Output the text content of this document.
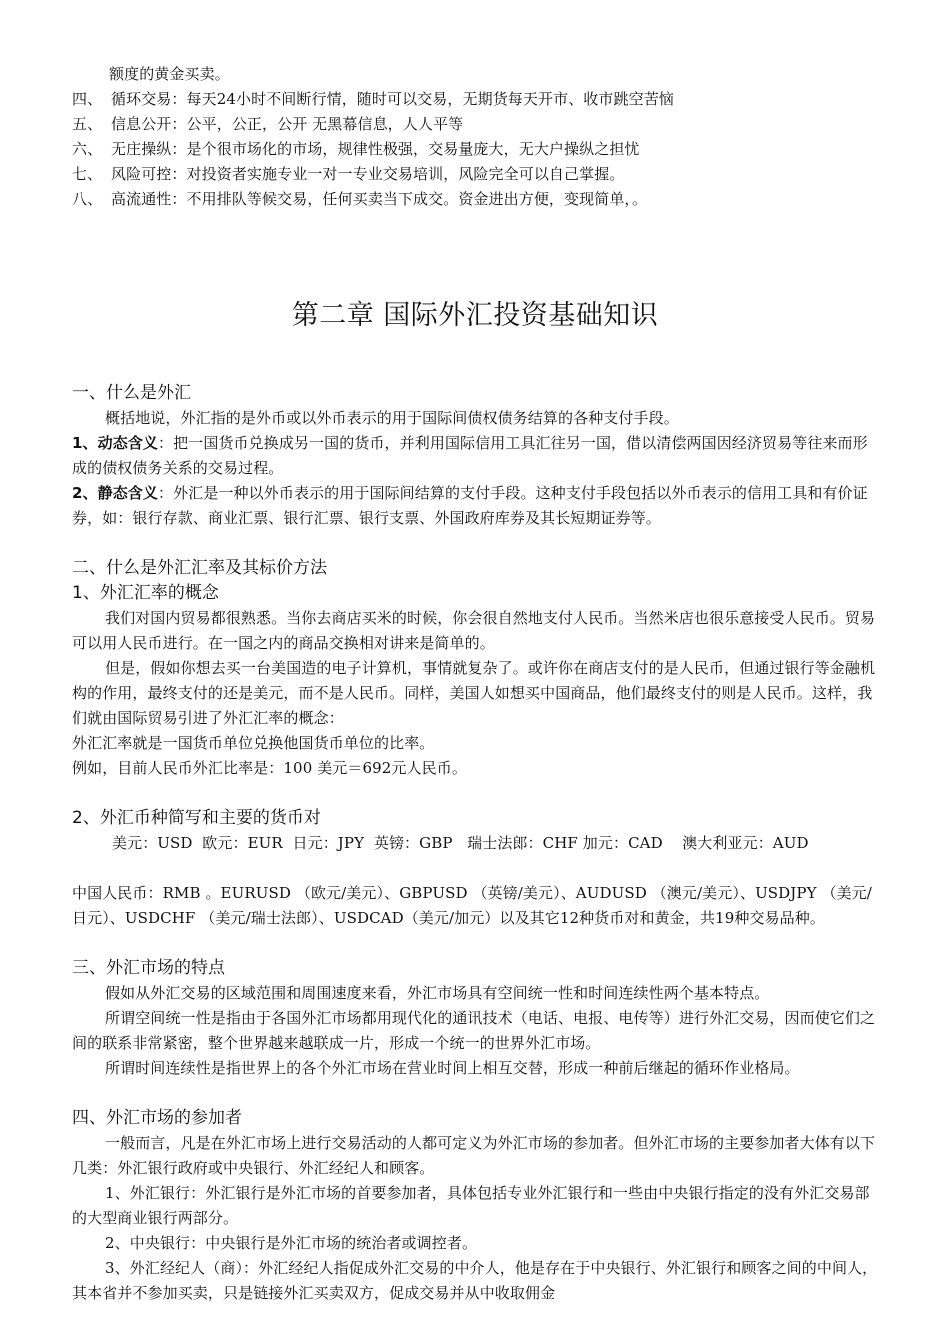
额度的黄金买卖。

四、 循环交易：每天24小时不间断行情，随时可以交易，无期货每天开市、收市跳空苦恼

五、 信息公开：公平，公正，公开 无黑幕信息，人人平等

六、 无庄操纵：是个很市场化的市场，规律性极强，交易量庞大，无大户操纵之担忧

七、 风险可控：对投资者实施专业一对一专业交易培训，风险完全可以自己掌握。

八、 高流通性：不用排队等候交易，任何买卖当下成交。资金进出方便，变现简单，。

第二章 国际外汇投资基础知识
一、什么是外汇

概括地说，外汇指的是外币或以外币表示的用于国际间债权债务结算的各种支付手段。

1、动态含义：把一国货币兑换成另一国的货币，并利用国际信用工具汇往另一国，借以清偿两国因经济贸易等往来而形成的债权债务关系的交易过程。

2、静态含义：外汇是一种以外币表示的用于国际间结算的支付手段。这种支付手段包括以外币表示的信用工具和有价证券，如：银行存款、商业汇票、银行汇票、银行支票、外国政府库券及其长短期证券等。

二、什么是外汇汇率及其标价方法
1、外汇汇率的概念

我们对国内贸易都很熟悉。当你去商店买米的时候，你会很自然地支付人民币。当然米店也很乐意接受人民币。贸易可以用人民币进行。在一国之内的商品交换相对讲来是简单的。

但是，假如你想去买一台美国造的电子计算机，事情就复杂了。或许你在商店支付的是人民币，但通过银行等金融机构的作用，最终支付的还是美元，而不是人民币。同样，美国人如想买中国商品，他们最终支付的则是人民币。这样，我们就由国际贸易引进了外汇汇率的概念：

外汇汇率就是一国货币单位兑换他国货币单位的比率。

例如，目前人民币外汇比率是：100 美元＝692元人民币。

2、外汇币种简写和主要的货币对

美元：USD  欧元：EUR  日元：JPY  英镑：GBP   瑞士法郎：CHF 加元：CAD    澳大利亚元：AUD

中国人民币：RMB 。EURUSD （欧元/美元）、GBPUSD （英镑/美元）、AUDUSD （澳元/美元）、USDJPY （美元/日元）、USDCHF （美元/瑞士法郎）、USDCAD（美元/加元）以及其它12种货币对和黄金，共19种交易品种。

三、外汇市场的特点

假如从外汇交易的区域范围和周围速度来看，外汇市场具有空间统一性和时间连续性两个基本特点。

所谓空间统一性是指由于各国外汇市场都用现代化的通讯技术（电话、电报、电传等）进行外汇交易，因而使它们之间的联系非常紧密，整个世界越来越联成一片，形成一个统一的世界外汇市场。

所谓时间连续性是指世界上的各个外汇市场在营业时间上相互交替，形成一种前后继起的循环作业格局。

四、外汇市场的参加者

一般而言，凡是在外汇市场上进行交易活动的人都可定义为外汇市场的参加者。但外汇市场的主要参加者大体有以下几类：外汇银行政府或中央银行、外汇经纪人和顾客。

1、外汇银行：外汇银行是外汇市场的首要参加者，具体包括专业外汇银行和一些由中央银行指定的没有外汇交易部的大型商业银行两部分。

2、中央银行：中央银行是外汇市场的统治者或调控者。

3、外汇经纪人（商）：外汇经纪人指促成外汇交易的中介人，他是存在于中央银行、外汇银行和顾客之间的中间人，其本省并不参加买卖，只是链接外汇买卖双方，促成交易并从中收取佣金
